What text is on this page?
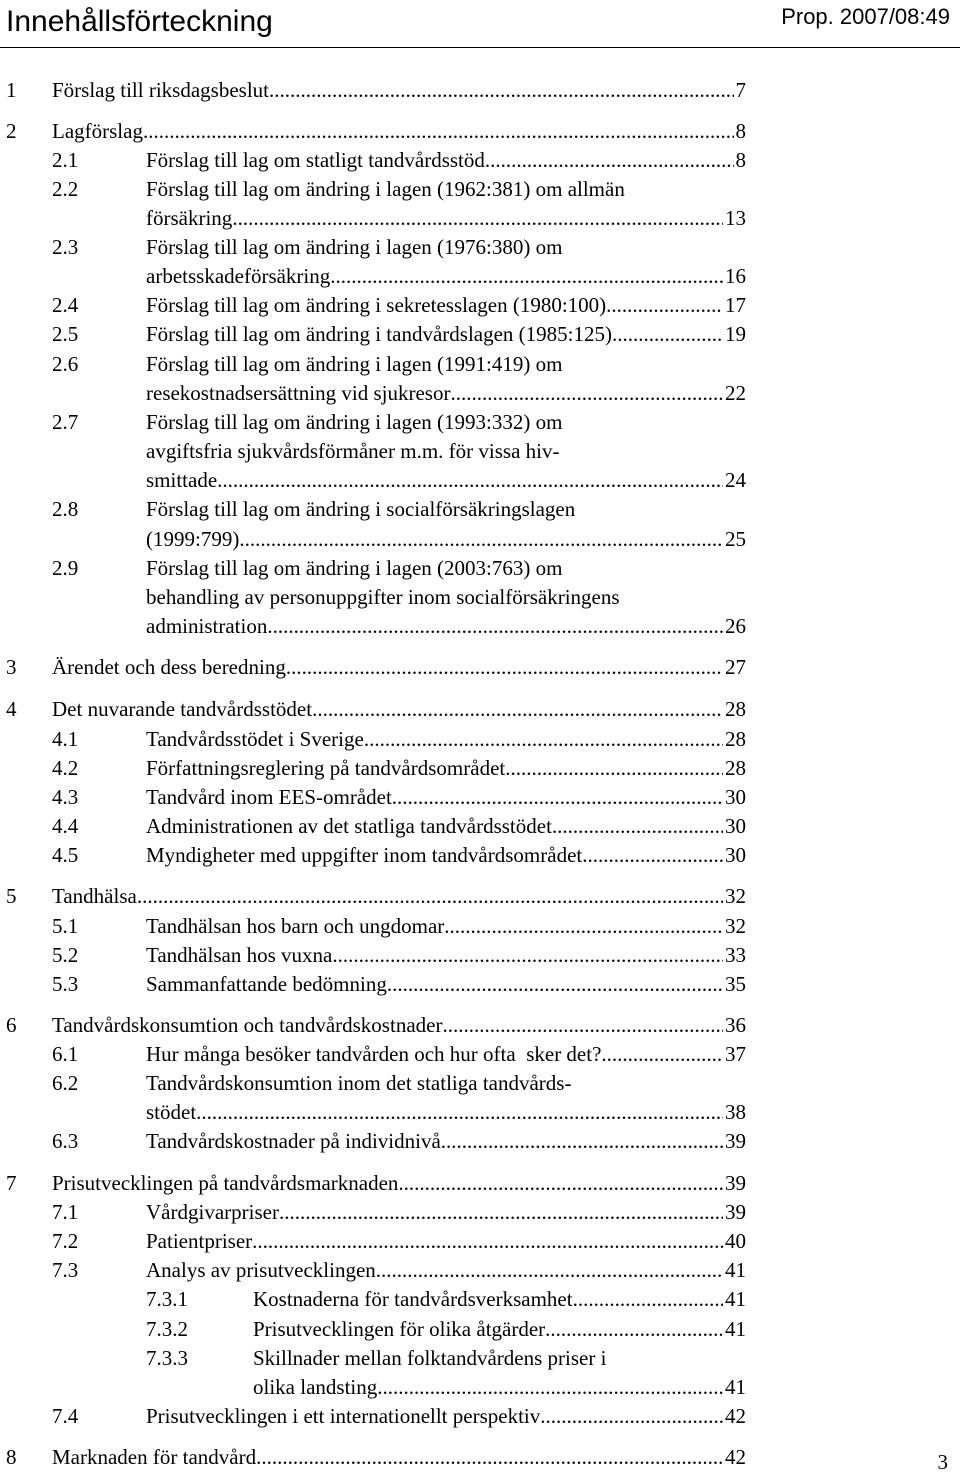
Innehållsförteckning	Prop. 2007/08:49
1 Förslag till riksdagsbeslut .....	7
2 Lagförslag .....	8
2.1	Förslag till lag om statligt tandvårdsstöd .....	8
2.2	Förslag till lag om ändring i lagen (1962:381) om allmän
försäkring .....	13
2.3	Förslag till lag om ändring i lagen (1976:380) om
arbetsskadeförsäkring .....	16
2.4	Förslag till lag om ändring i sekretesslagen (1980:100) .....	17
2.5	Förslag till lag om ändring i tandvårdslagen (1985:125) .....	19
2.6	Förslag till lag om ändring i lagen (1991:419) om
resekostnadsersättning vid sjukresor .....	22
2.7	Förslag till lag om ändring i lagen (1993:332) om
avgiftsfria sjukvårdsförmåner m.m. för vissa hiv-
smittade .....	24
2.8	Förslag till lag om ändring i socialförsäkringslagen
(1999:799) .....	25
2.9	Förslag till lag om ändring i lagen (2003:763) om
behandling av personuppgifter inom socialförsäkringens
administration .....	26
3 Ärendet och dess beredning .....	27
4 Det nuvarande tandvårdsstödet .....	28
4.1	Tandvårdsstödet i Sverige .....	28
4.2	Författningsreglering på tandvårdsområdet .....	28
4.3	Tandvård inom EES-området .....	30
4.4	Administrationen av det statliga tandvårdsstödet .....	30
4.5	Myndigheter med uppgifter inom tandvårdsområdet .....	30
5 Tandhälsa .....	32
5.1	Tandhälsan hos barn och ungdomar .....	32
5.2	Tandhälsan hos vuxna .....	33
5.3	Sammanfattande bedömning .....	35
6 Tandvårdskonsumtion och tandvårdskostnader .....	36
6.1	Hur många besöker tandvården och hur ofta  sker det? .....	37
6.2	Tandvårdskonsumtion inom det statliga tandvårds-
stödet .....	38
6.3	Tandvårdskostnader på individnivå .....	39
7 Prisutvecklingen på tandvårdsmarknaden .....	39
7.1	Vårdgivarpriser .....	39
7.2	Patientpriser .....	40
7.3	Analys av prisutvecklingen .....	41
7.3.1	Kostnaderna för tandvårdsverksamhet .....	41
7.3.2	Prisutvecklingen för olika åtgärder .....	41
7.3.3	Skillnader mellan folktandvårdens priser i
olika landsting .....	41
7.4	Prisutvecklingen i ett internationellt perspektiv .....	42
8 Marknaden för tandvård .....	42	3
